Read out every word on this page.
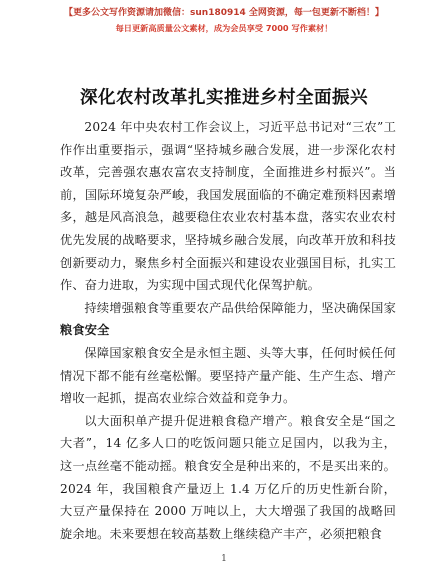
【更多公文写作资源请加微信：sun180914 全网资源，每一包更新不断档！】
每日更新高质量公文素材，成为会员享受 7000 写作素材！
深化农村改革扎实推进乡村全面振兴

2024 年中央农村工作会议上，习近平总书记对“三农”工作作出重要指示，强调“坚持城乡融合发展，进一步深化农村改革，完善强农惠农富农支持制度，全面推进乡村振兴”。当前，国际环境复杂严峻，我国发展面临的不确定难预料因素增多，越是风高浪急，越要稳住农业农村基本盘，落实农业农村优先发展的战略要求，坚持城乡融合发展，向改革开放和科技创新要动力，聚焦乡村全面振兴和建设农业强国目标，扎实工作、奋力进取，为实现中国式现代化保驾护航。

持续增强粮食等重要农产品供给保障能力，坚决确保国家粮食安全

保障国家粮食安全是永恒主题、头等大事，任何时候任何情况下都不能有丝毫松懈。要坚持产量产能、生产生态、增产增收一起抓，提高农业综合效益和竞争力。

以大面积单产提升促进粮食稳产增产。粮食安全是“国之大者”，14 亿多人口的吃饭问题只能立足国内，以我为主，这一点丝毫不能动摇。粮食安全是种出来的，不是买出来的。2024 年，我国粮食产量迈上 1.4 万亿斤的历史性新台阶，大豆产量保持在 2000 万吨以上，大大增强了我国的战略回旋余地。未来要想在较高基数上继续稳产丰产，必须把粮食

1
